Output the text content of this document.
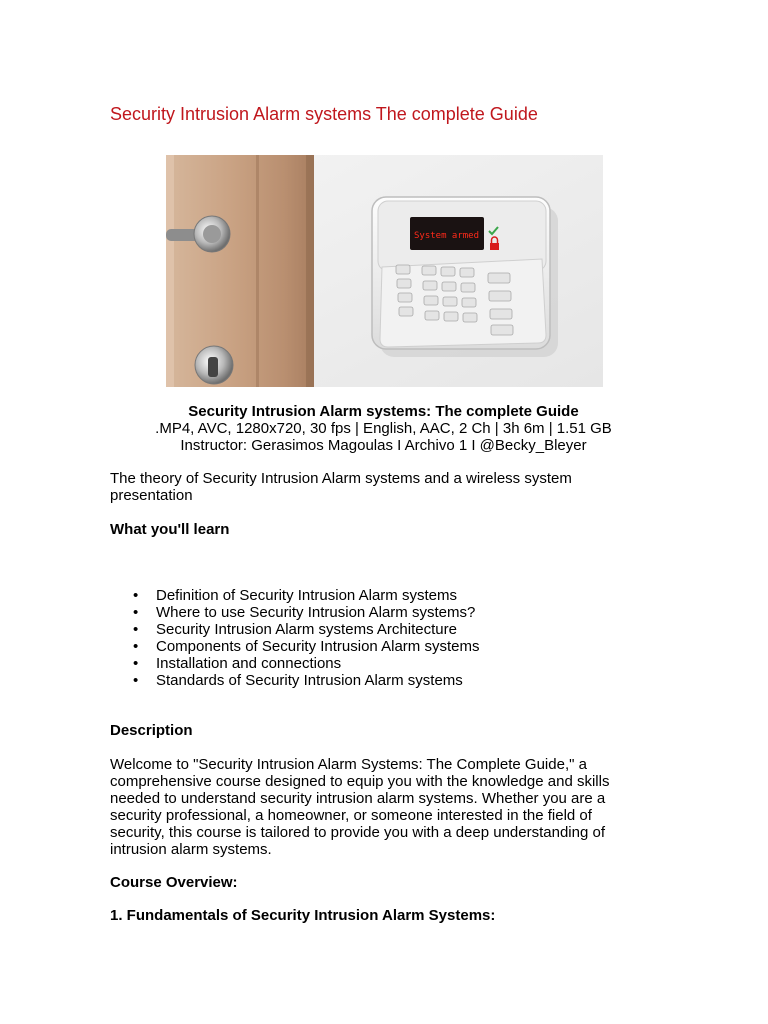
Security Intrusion Alarm systems The complete Guide
System armed
Security Intrusion Alarm systems: The complete Guide
.MP4, AVC, 1280x720, 30 fps | English, AAC, 2 Ch | 3h 6m | 1.51 GB
Instructor: Gerasimos Magoulas I Archivo 1 I @Becky_Bleyer

The theory of Security Intrusion Alarm systems and a wireless system presentation

What you'll learn

• Definition of Security Intrusion Alarm systems
• Where to use Security Intrusion Alarm systems?
• Security Intrusion Alarm systems Architecture
• Components of Security Intrusion Alarm systems
• Installation and connections
• Standards of Security Intrusion Alarm systems

Description

Welcome to "Security Intrusion Alarm Systems: The Complete Guide," a comprehensive course designed to equip you with the knowledge and skills needed to understand security intrusion alarm systems. Whether you are a security professional, a homeowner, or someone interested in the field of security, this course is tailored to provide you with a deep understanding of intrusion alarm systems.

Course Overview:

1. Fundamentals of Security Intrusion Alarm Systems:
